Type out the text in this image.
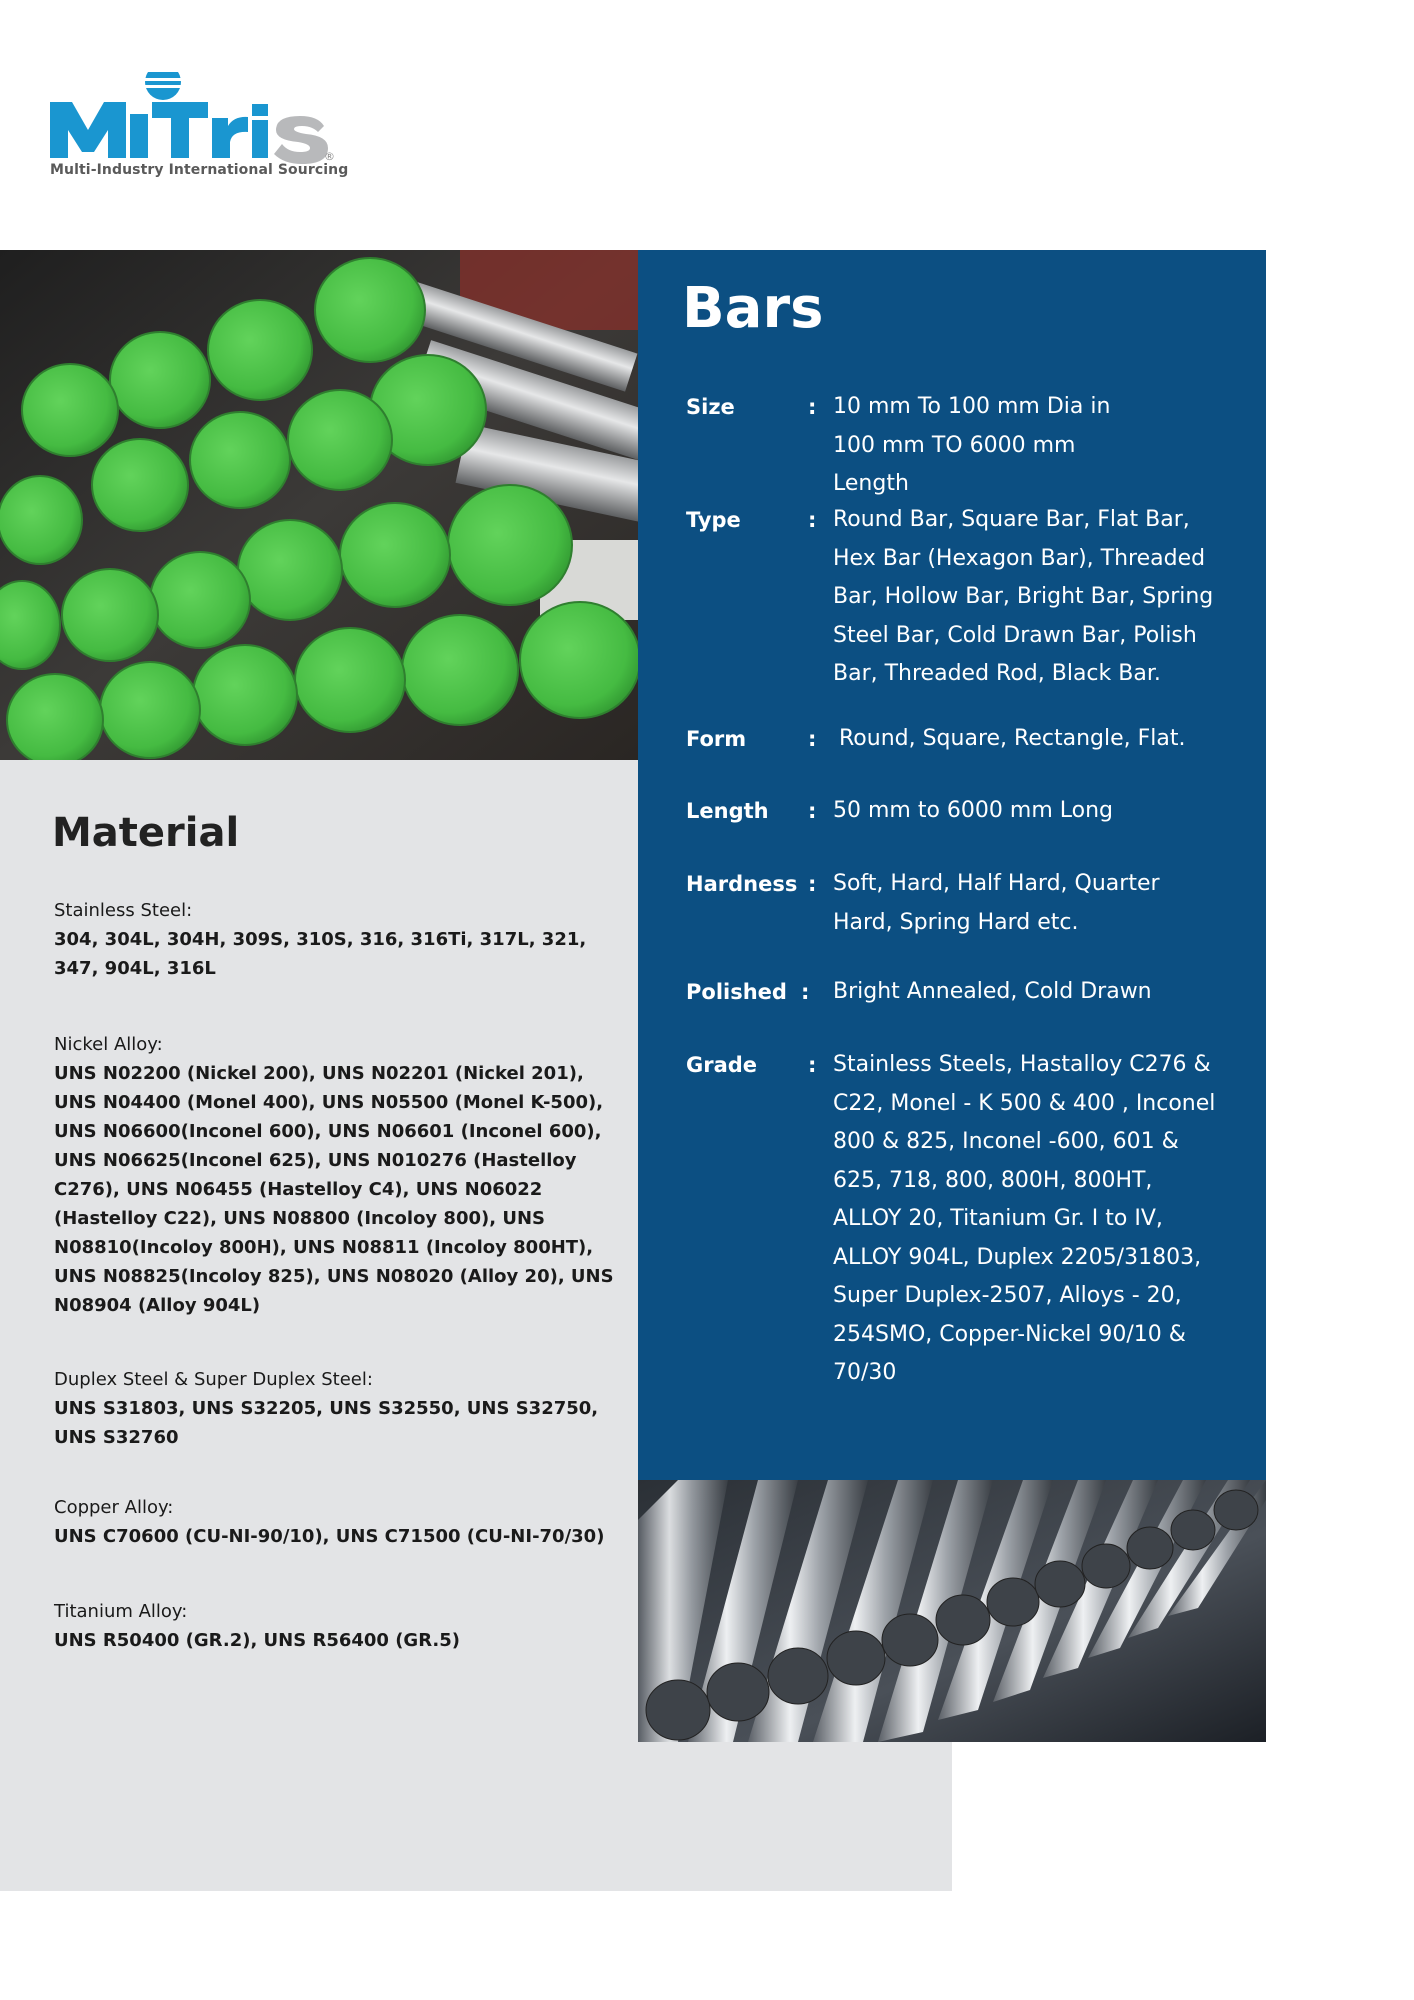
®
Multi-Industry International Sourcing
Bars
Size	: 10 mm To 100 mm Dia in 100 mm TO 6000 mm Length
Type	: Round Bar, Square Bar, Flat Bar, Hex Bar (Hexagon Bar), Threaded Bar, Hollow Bar, Bright Bar, Spring Steel Bar, Cold Drawn Bar, Polish Bar, Threaded Rod, Black Bar.
Form	: Round, Square, Rectangle, Flat.
Length : 50 mm to 6000 mm Long
Hardness : Soft, Hard, Half Hard, Quarter Hard, Spring Hard etc.
Polished : Bright Annealed, Cold Drawn
Grade : Stainless Steels, Hastalloy C276 & C22, Monel - K 500 & 400 , Inconel 800 & 825, Inconel -600, 601 & 625, 718, 800, 800H, 800HT, ALLOY 20, Titanium Gr. I to IV, ALLOY 904L, Duplex 2205/31803, Super Duplex-2507, Alloys - 20, 254SMO, Copper-Nickel 90/10 & 70/30
Material
Stainless Steel:
304, 304L, 304H, 309S, 310S, 316, 316Ti, 317L, 321, 347, 904L, 316L
Nickel Alloy:
UNS N02200 (Nickel 200), UNS N02201 (Nickel 201), UNS N04400 (Monel 400), UNS N05500 (Monel K-500), UNS N06600(Inconel 600), UNS N06601 (Inconel 600), UNS N06625(Inconel 625), UNS N010276 (Hastelloy C276), UNS N06455 (Hastelloy C4), UNS N06022 (Hastelloy C22), UNS N08800 (Incoloy 800), UNS N08810(Incoloy 800H), UNS N08811 (Incoloy 800HT), UNS N08825(Incoloy 825), UNS N08020 (Alloy 20), UNS N08904 (Alloy 904L)
Duplex Steel & Super Duplex Steel:
UNS S31803, UNS S32205, UNS S32550, UNS S32750, UNS S32760
Copper Alloy:
UNS C70600 (CU-NI-90/10), UNS C71500 (CU-NI-70/30)
Titanium Alloy:
UNS R50400 (GR.2), UNS R56400 (GR.5)
